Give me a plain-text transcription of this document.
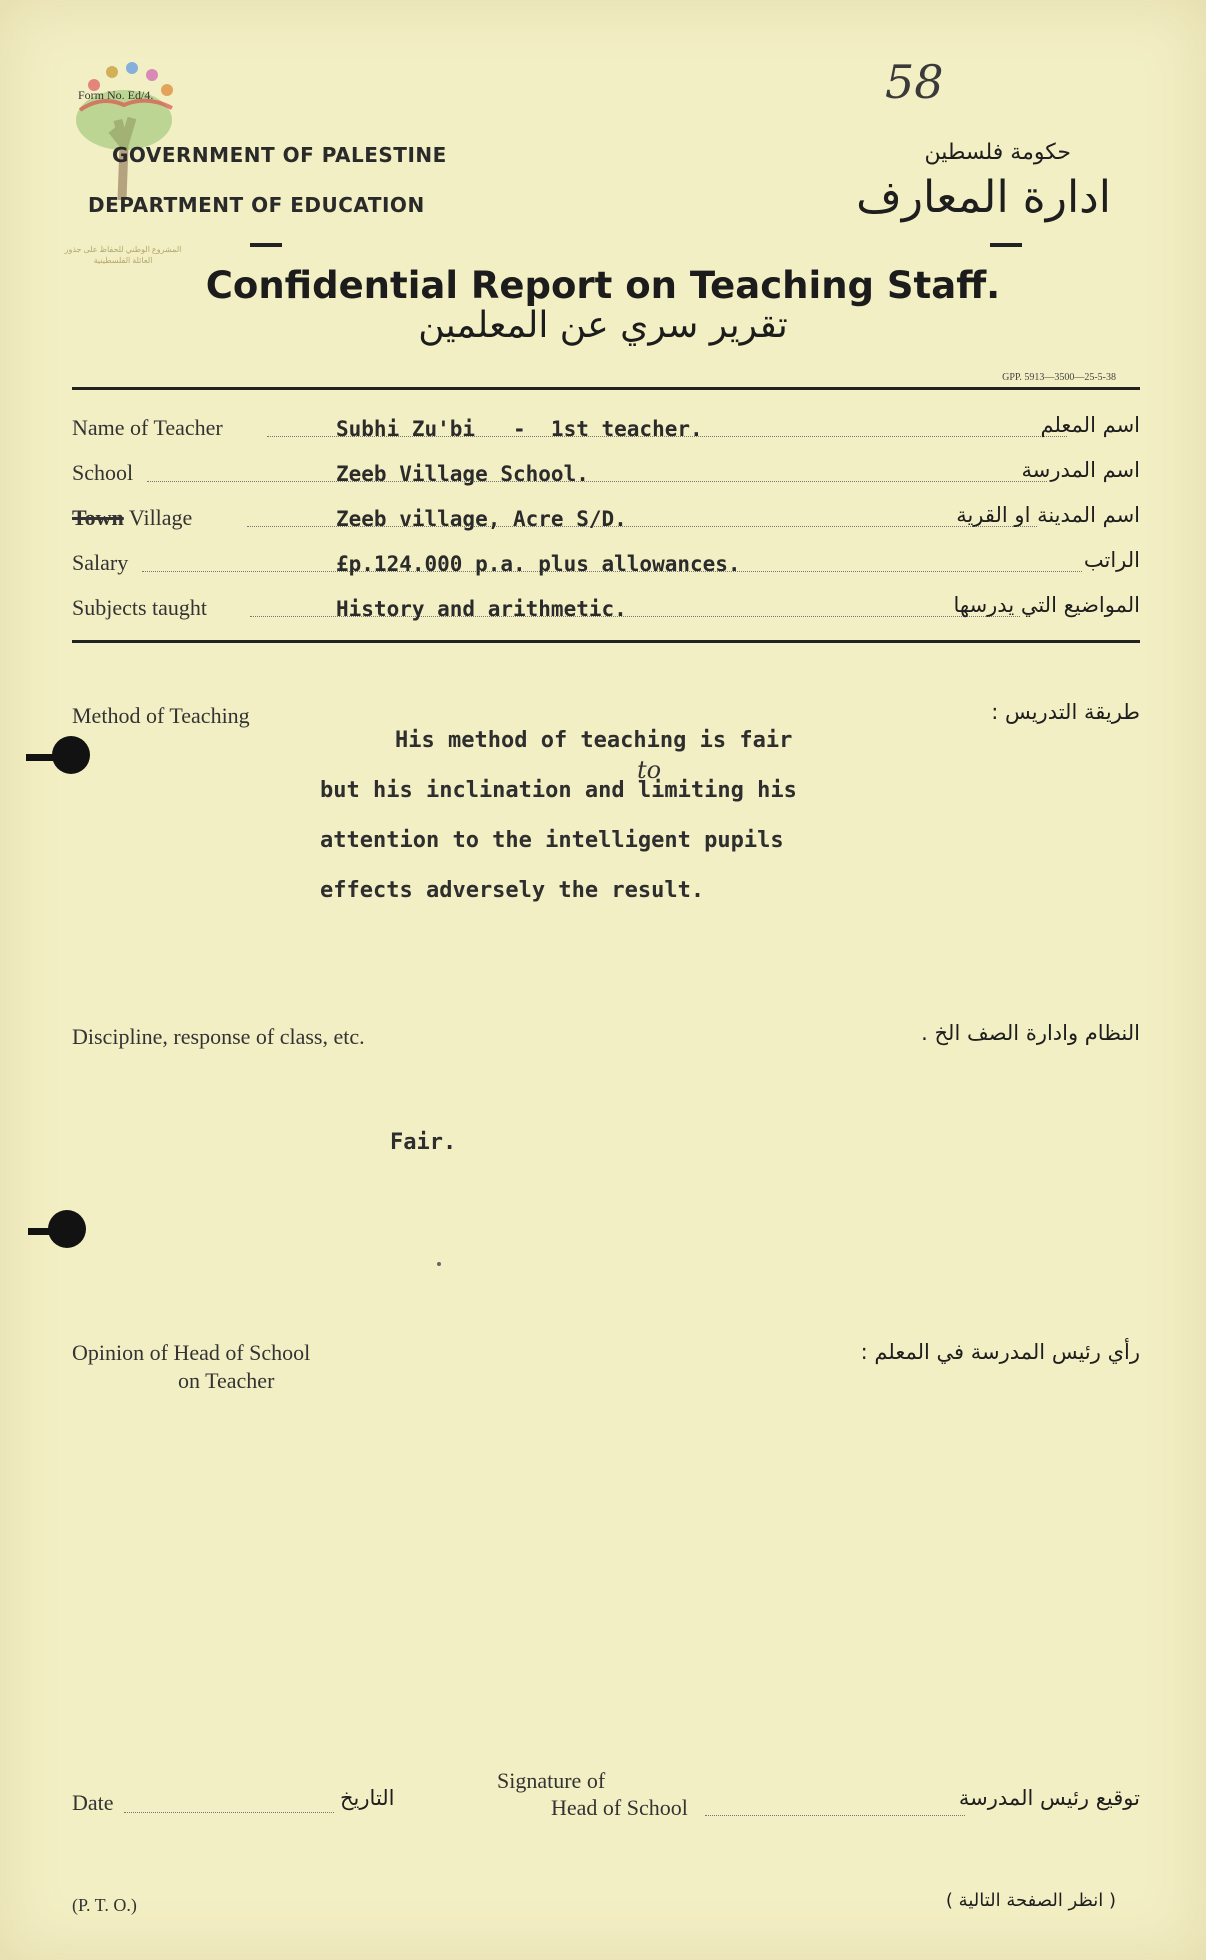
المشروع الوطني للحفاظ على جذور العائلة الفلسطينية
Form No. Ed/4.	58
GOVERNMENT OF PALESTINE
DEPARTMENT OF EDUCATION
حكومة فلسطين
ادارة المعارف
Confidential Report on Teaching Staff.
تقرير سري عن المعلمين
GPP. 5913—3500—25-5-38
Name of Teacher	Subhi Zu'bi   -  1st teacher.	اسم المعلم
School	Zeeb Village School.	اسم المدرسة
Town Village	Zeeb village, Acre S/D.	اسم المدينة او القرية
Salary	£p.124.000 p.a. plus allowances.	الراتب
Subjects taught	History and arithmetic.	المواضيع التي يدرسها
Method of Teaching	طريقة التدريس :
His method of teaching is fair
but his inclination and limiting his
attention to the intelligent pupils
effects adversely the result.
to
Discipline, response of class, etc.	النظام وادارة الصف الخ .
Fair.
Opinion of Head of School
on Teacher
رأي رئيس المدرسة في المعلم :
Date	التاريخ
Signature of
Head of School	توقيع رئيس المدرسة
(P. T. O.)	( انظر الصفحة التالية )
